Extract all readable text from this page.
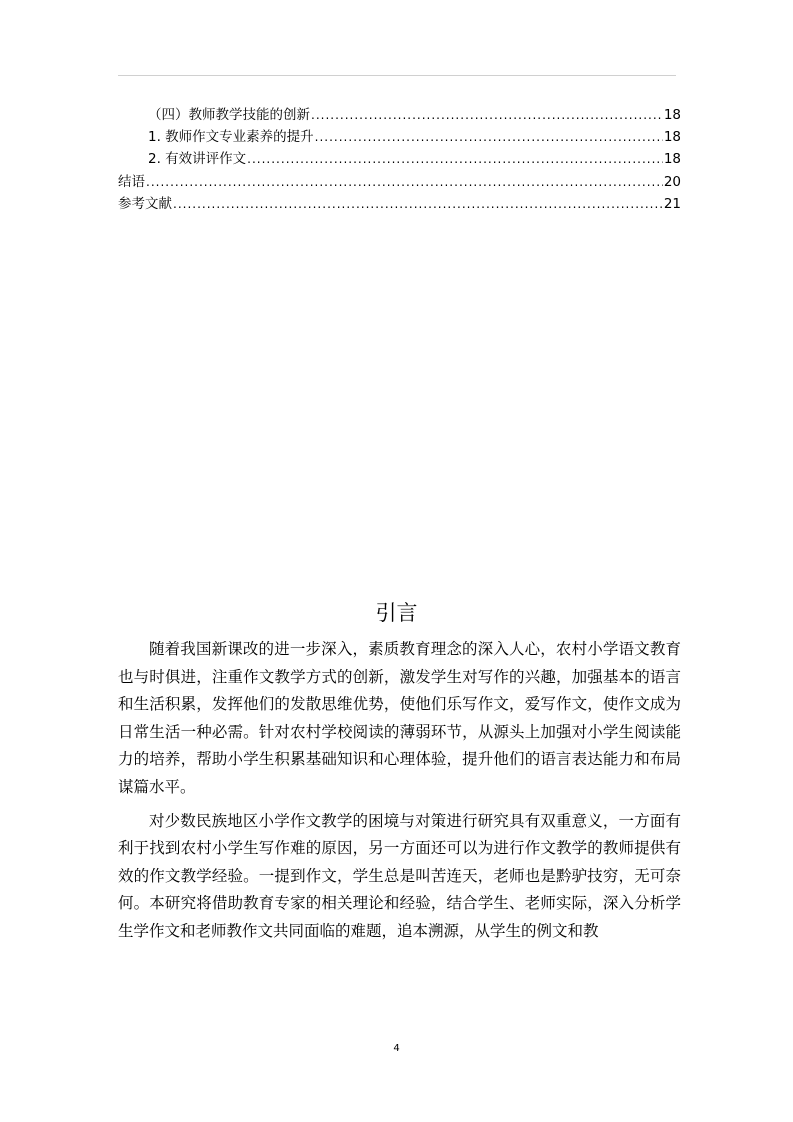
（四）教师教学技能的创新 .....	18
1. 教师作文专业素养的提升 .....	18
2. 有效讲评作文 .....	18
结语 .....	20
参考文献 .....	21
引言

随着我国新课改的进一步深入，素质教育理念的深入人心，农村小学语文教育也与时俱进，注重作文教学方式的创新，激发学生对写作的兴趣，加强基本的语言和生活积累，发挥他们的发散思维优势，使他们乐写作文，爱写作文，使作文成为日常生活一种必需。针对农村学校阅读的薄弱环节，从源头上加强对小学生阅读能力的培养，帮助小学生积累基础知识和心理体验，提升他们的语言表达能力和布局谋篇水平。

对少数民族地区小学作文教学的困境与对策进行研究具有双重意义，一方面有利于找到农村小学生写作难的原因，另一方面还可以为进行作文教学的教师提供有效的作文教学经验。一提到作文，学生总是叫苦连天，老师也是黔驴技穷，无可奈何。本研究将借助教育专家的相关理论和经验，结合学生、老师实际，深入分析学生学作文和老师教作文共同面临的难题，追本溯源，从学生的例文和教

4
